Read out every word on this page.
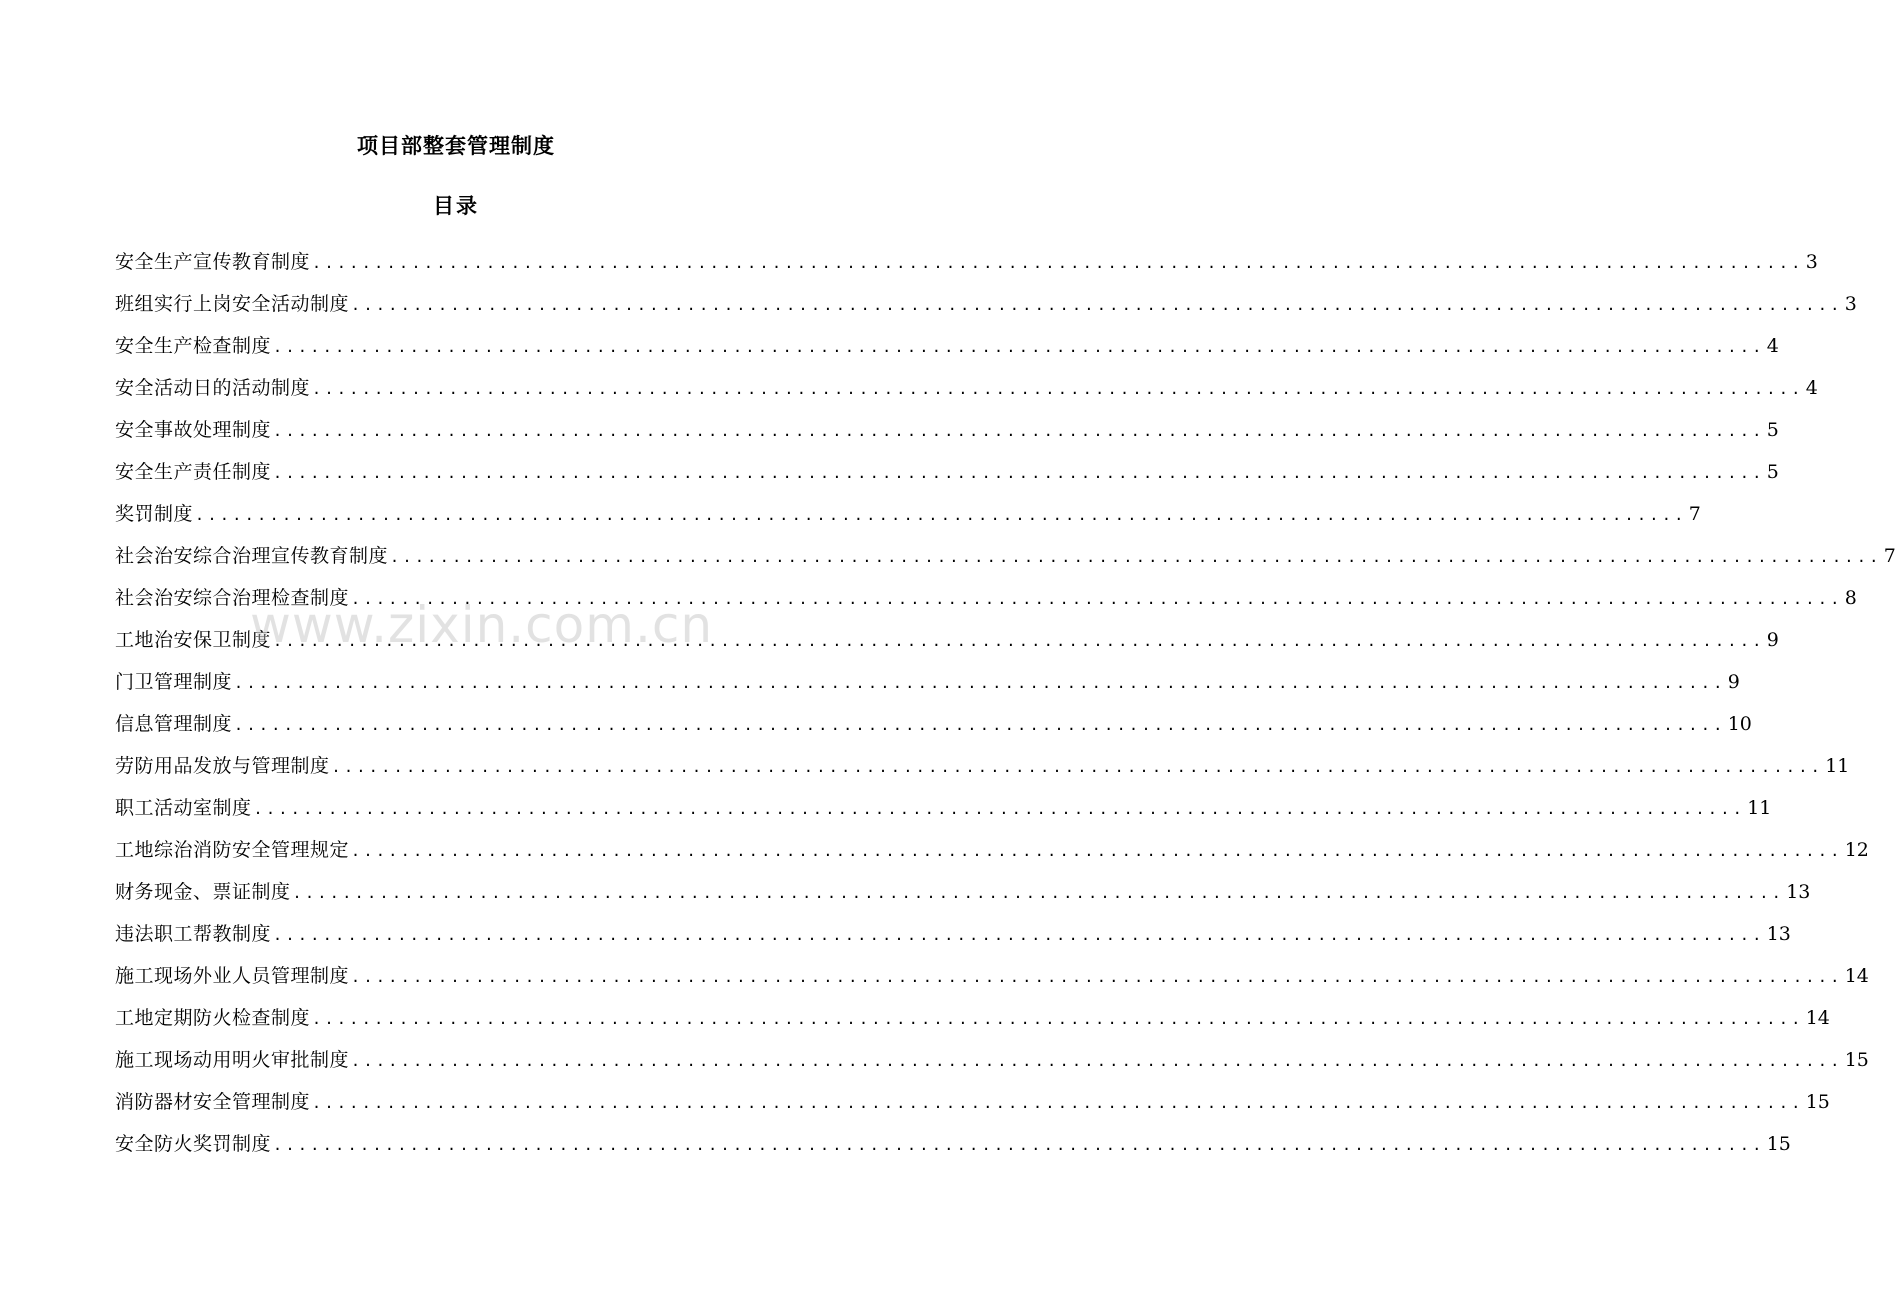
项目部整套管理制度
目录
安全生产宣传教育制度 ........................................................................................................................ 3
班组实行上岗安全活动制度 ........................................................................................................................ 3
安全生产检查制度 ........................................................................................................................ 4
安全活动日的活动制度 ........................................................................................................................ 4
安全事故处理制度 ........................................................................................................................ 5
安全生产责任制度 ........................................................................................................................ 5
奖罚制度 ........................................................................................................................ 7
社会治安综合治理宣传教育制度 ........................................................................................................................ 7
社会治安综合治理检查制度 ........................................................................................................................ 8
工地治安保卫制度 ........................................................................................................................ 9
门卫管理制度 ........................................................................................................................ 9
信息管理制度 ........................................................................................................................ 10
劳防用品发放与管理制度 ........................................................................................................................ 11
职工活动室制度 ........................................................................................................................ 11
工地综治消防安全管理规定 ........................................................................................................................ 12
财务现金、票证制度 ........................................................................................................................ 13
违法职工帮教制度 ........................................................................................................................ 13
施工现场外业人员管理制度 ........................................................................................................................ 14
工地定期防火检查制度 ........................................................................................................................ 14
施工现场动用明火审批制度 ........................................................................................................................ 15
消防器材安全管理制度 ........................................................................................................................ 15
安全防火奖罚制度 ........................................................................................................................ 15
www.zixin.com.cn
